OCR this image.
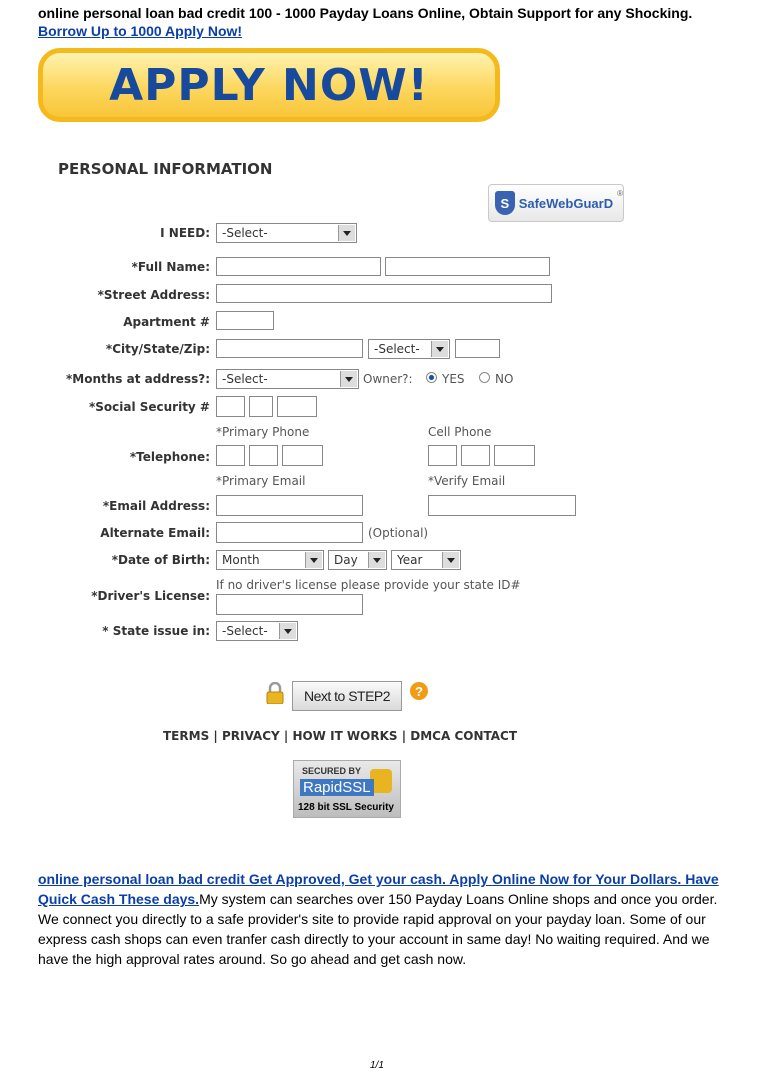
online personal loan bad credit 100 - 1000 Payday Loans Online, Obtain Support for any Shocking.
Borrow Up to 1000 Apply Now!
APPLY NOW!
PERSONAL INFORMATION
S SafeWebGuarD
®
I NEED:	-Select-
*Full Name:
*Street Address:
Apartment #
*City/State/Zip:	-Select-
*Months at address?:	-Select-	Owner?: YES	NO
*Social Security #
*Primary Phone	Cell Phone
*Telephone:
*Primary Email	*Verify Email
*Email Address:
Alternate Email:	(Optional)
*Date of Birth:	Month	Day	Year
If no driver's license please provide your state ID#
*Driver's License:
* State issue in:	-Select-
Next to STEP2	?
TERMS | PRIVACY | HOW IT WORKS | DMCA CONTACT
SECURED BY
RapidSSL
128 bit SSL Security
online personal loan bad credit Get Approved, Get your cash. Apply Online Now for Your Dollars. Have Quick Cash These days.My system can searches over 150 Payday Loans Online shops and once you order. We connect you directly to a safe provider's site to provide rapid approval on your payday loan. Some of our express cash shops can even tranfer cash directly to your account in same day! No waiting required. And we have the high approval rates around. So go ahead and get cash now.
1/1
